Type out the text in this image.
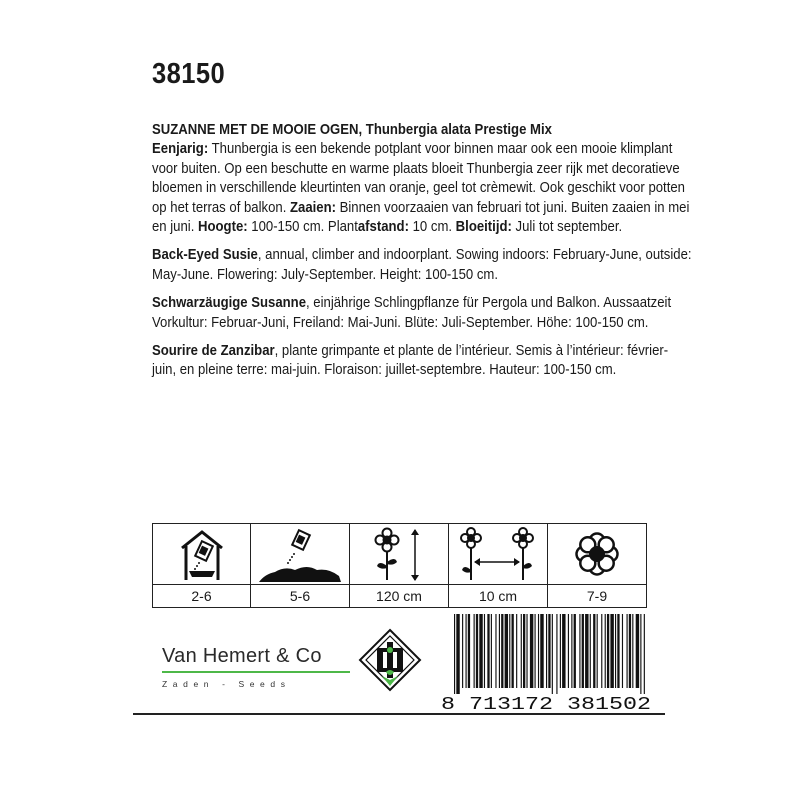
38150

SUZANNE MET DE MOOIE OGEN, Thunbergia alata Prestige Mix
Eenjarig: Thunbergia is een bekende potplant voor binnen maar ook een mooie klimplant voor buiten. Op een beschutte en warme plaats bloeit Thunbergia zeer rijk met decoratieve bloemen in verschillende kleurtinten van oranje, geel tot crèmewit. Ook geschikt voor potten op het terras of balkon. Zaaien: Binnen voorzaaien van februari tot juni. Buiten zaaien in mei en juni. Hoogte: 100-150 cm. Plantafstand: 10 cm. Bloeitijd: Juli tot september.

Back-Eyed Susie, annual, climber and indoorplant. Sowing indoors: February-June, outside: May-June. Flowering: July-September. Height: 100-150 cm.

Schwarzäugige Susanne, einjährige Schlingpflanze für Pergola und Balkon. Aussaatzeit Vorkultur: Februar-Juni, Freiland: Mai-Juni. Blüte: Juli-September. Höhe: 100-150 cm.

Sourire de Zanzibar, plante grimpante et plante de l’intérieur. Semis à l’intérieur: février-juin, en pleine terre: mai-juin. Floraison: juillet-septembre. Hauteur: 100-150 cm.

2-6	5-6	120 cm	10 cm	7-9
Van Hemert & Co
Zaden - Seeds
8 713172 381502
